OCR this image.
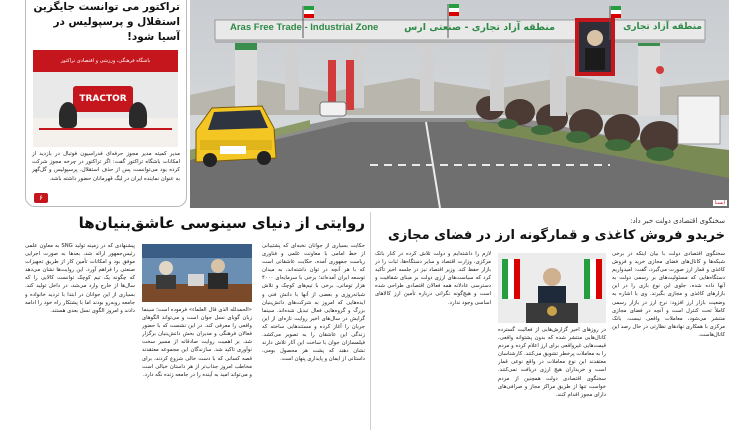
تراکتور می توانست جایگزین استقلال و پرسپولیس در آسیا شود!
باشگاه فرهنگی، ورزشی و اقتصادی تراکتور
TRACTOR
مدیر کمیته مدیر مجوز حرفه‌ای فدراسیون فوتبال در بازدید از امکانات باشگاه تراکتور گفت: اگر تراکتور در چرخه مجوز شرکت کرده بود می‌توانست پس از حذف استقلال، پرسپولیس و گل‌گهر به عنوان نماینده ایران در لیگ قهرمانان حضور داشته باشد.
۶
Aras Free Trade - Industrial Zone	منطقه آزاد تجاری - صنعتی ارس	منطقه آزاد تجاری
ایسنا
روایتی از دنیای سینوسی عاشق‌بنیان‌ها
حکایت بسیاری از جوانان نخبه‌ای که پشتیبانی از خط امامی با معاونت علمی و فناوری ریاست جمهوری آمده، حکایت عاشقانی است که با هر آنچه در توان داشته‌اند، به میدان توسعه ایران آمده‌اند؛ برخی با سرمایه‌ای ۴۰۰۰ هزار تومانی، برخی با تیم‌های کوچک و تلاش شبانه‌روزی و بعضی از آنها با دانش فنی و ایده‌هایی که امروز به شرکت‌های دانش‌بنیان بزرگ و گروه‌هایی فعال تبدیل شده‌اند. سینما گرایش در سال‌های اخیر روایت تازه‌ای از این جریان را آغاز کرده و مستندهایی ساخته که زندگی این عاشقان را به تصویر می‌کشد. فیلمسازان جوان با ساخت این آثار تلاش دارند نشان دهند که پشت هر محصول بومی، داستانی از ایمان و پایداری پنهان است.
«الحمدلله الذی قال العلماء» فرموده است؛ سینما زبان گویای نسل جوان است و می‌تواند الگوهای واقعی را معرفی کند. در این نشست که با حضور فعالان فرهنگی و مدیران بخش دانش‌بنیان برگزار شد، بر اهمیت روایت صادقانه از مسیر سخت نوآوری تاکید شد. سازندگان این مجموعه معتقدند قصه کسانی که با دست خالی شروع کردند، برای مخاطب امروز جذاب‌تر از هر داستان خیالی است و می‌تواند امید به آینده را در جامعه زنده نگه دارد.
پیشنهادی که در زمینه تولید SNG به معاون علمی رئیس‌جمهور ارائه شد، بعدها به صورت اجرایی موفق بود و امکانات تأمین کار از طریق تجهیزات صنعتی را فراهم آورد. این روایت‌ها نشان می‌دهد که چگونه یک تیم کوچک توانست کالایی را که سال‌ها از خارج وارد می‌شد، در داخل تولید کند. بسیاری از این جوانان در ابتدا با تردید خانواده و جامعه روبه‌رو بودند اما با پشتکار راه خود را ادامه دادند و امروز الگوی نسل بعدی هستند.
سخنگوی اقتصادی دولت خبر داد:
خریدو فروش کاغذی و قمارگونه ارز در فضای مجازی
سخنگوی اقتصادی دولت با بیان اینکه در برخی شبکه‌ها و کانال‌های فضای مجازی خرید و فروش کاغذی و قمار ارز صورت می‌گیرد، گفت: امیدواریم دستگاه‌هایی که مسئولیت‌های بر رسمی دولت به آنها داده شده، جلوی این نوع بازی را در این بازارهای کاغذی و مجازی بگیرند. وی با اشاره به وضعیت بازار ارز افزود: نرخ ارز در بازار رسمی کاملاً تحت کنترل است و آنچه در فضای مجازی منتشر می‌شود، معاملات واقعی نیست. بانک مرکزی با همکاری نهادهای نظارتی در حال رصد این کانال‌هاست.
در روزهای اخیر گزارش‌هایی از فعالیت گسترده کانال‌هایی منتشر شده که بدون پشتوانه واقعی، قیمت‌هایی غیرواقعی برای ارز اعلام کرده و مردم را به معاملات پرخطر تشویق می‌کنند. کارشناسان معتقدند این نوع معاملات در واقع نوعی قمار است و خریداران هیچ ارزی دریافت نمی‌کنند. سخنگوی اقتصادی دولت همچنین از مردم خواست تنها از طریق مراکز مجاز و صرافی‌های دارای مجوز اقدام کنند.
لازم را داشته‌ایم و دولت تلاش کرده در کنار بانک مرکزی، وزارت اقتصاد و سایر دستگاه‌ها، ثبات را در بازار حفظ کند. وزیر اقتصاد نیز در جلسه اخیر تأکید کرد که سیاست‌های ارزی دولت بر مبنای شفافیت و دسترسی عادلانه همه فعالان اقتصادی طراحی شده است و هیچ‌گونه نگرانی درباره تأمین ارز کالاهای اساسی وجود ندارد.
